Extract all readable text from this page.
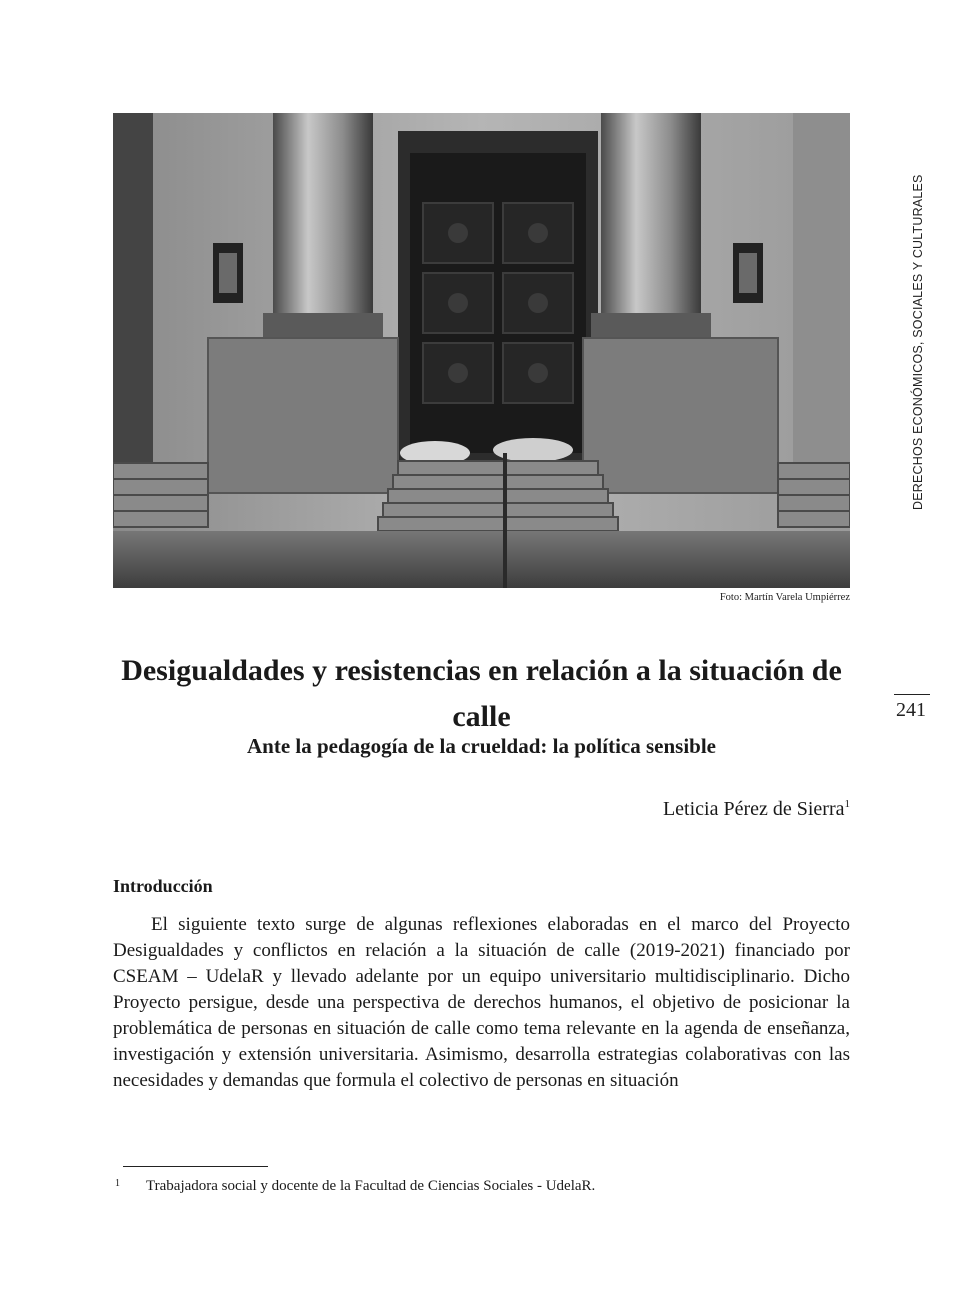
Foto: Martín Varela Umpiérrez
DERECHOS ECONÓMICOS, SOCIALES Y CULTURALES
241
Desigualdades y resistencias en relación a la situación de calle
Ante la pedagogía de la crueldad: la política sensible
Leticia Pérez de Sierra$^1$
Introducción

El siguiente texto surge de algunas reflexiones elaboradas en el marco del Proyecto Desigualdades y conflictos en relación a la situación de calle (2019-2021) financiado por CSEAM – UdelaR y llevado adelante por un equipo universitario multidisciplinario. Dicho Proyecto persigue, desde una perspectiva de derechos humanos, el objetivo de posicionar la problemática de personas en situación de calle como tema relevante en la agenda de enseñanza, investigación y extensión universitaria. Asimismo, desarrolla estrategias colaborativas con las necesidades y demandas que formula el colectivo de personas en situación

1 Trabajadora social y docente de la Facultad de Ciencias Sociales - UdelaR.
